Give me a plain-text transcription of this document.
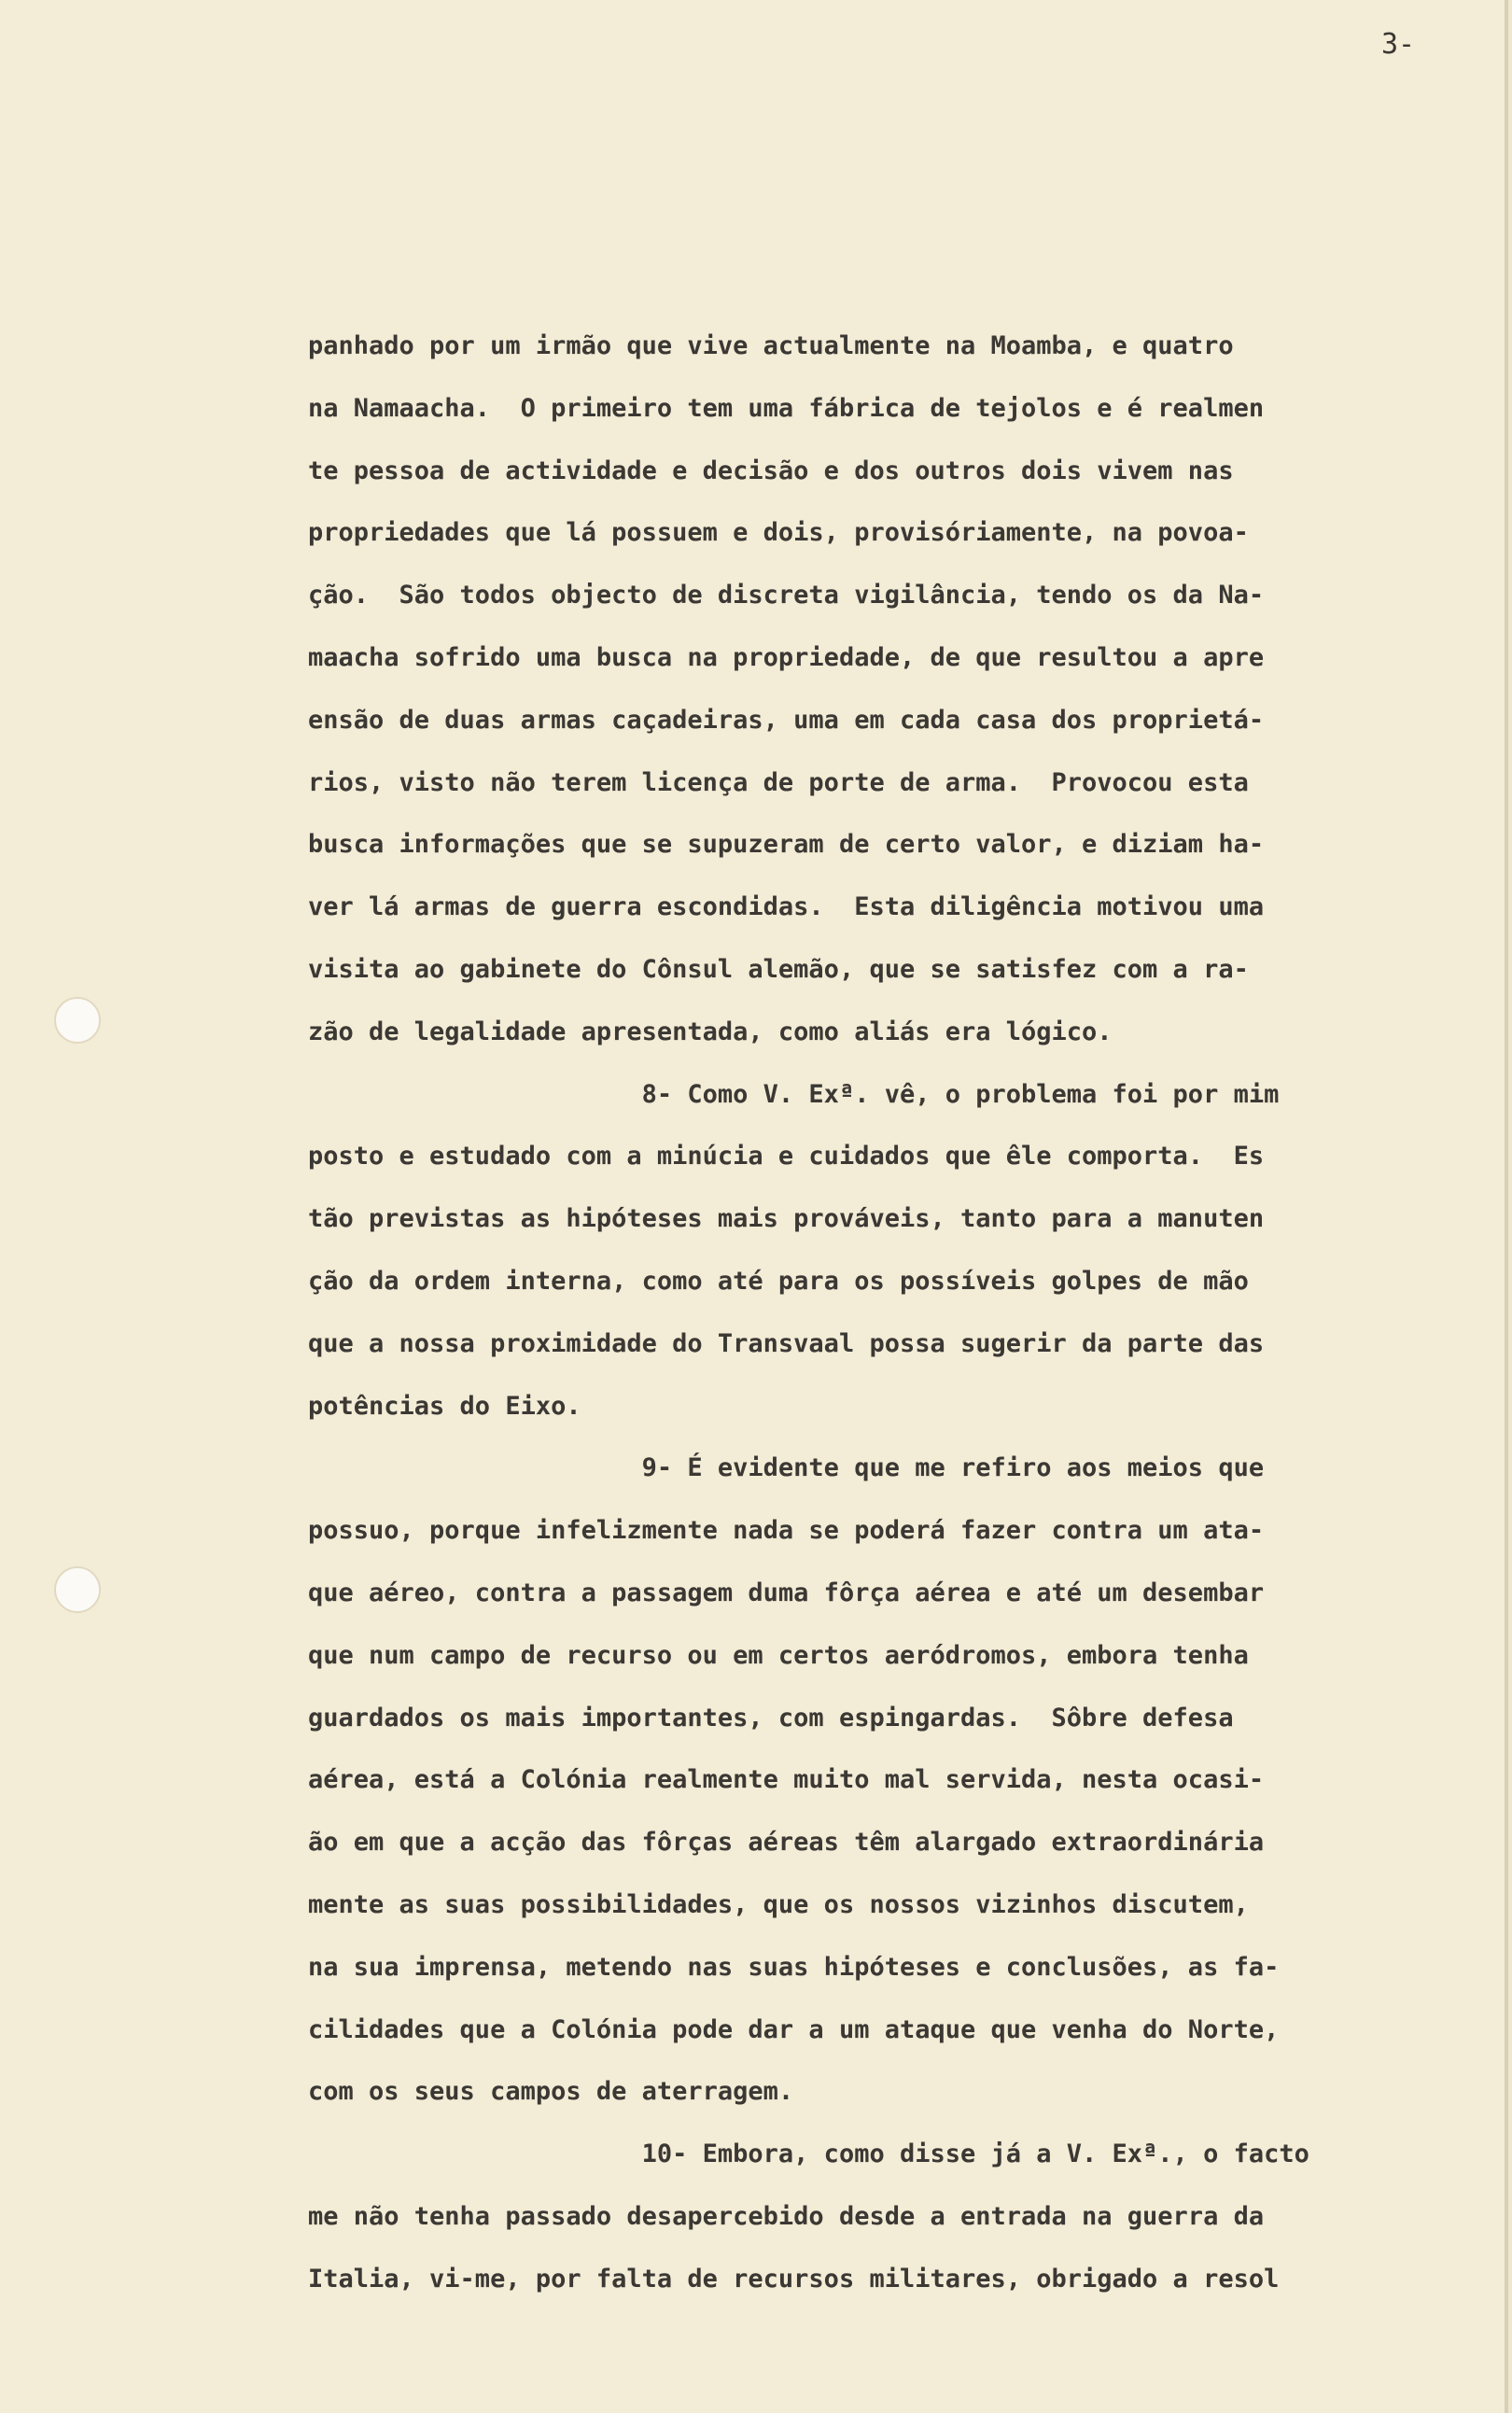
3-
panhado por um irmão que vive actualmente na Moamba, e quatro
na Namaacha.  O primeiro tem uma fábrica de tejolos e é realmen
te pessoa de actividade e decisão e dos outros dois vivem nas
propriedades que lá possuem e dois, provisóriamente, na povoa-
ção.  São todos objecto de discreta vigilância, tendo os da Na-
maacha sofrido uma busca na propriedade, de que resultou a apre
ensão de duas armas caçadeiras, uma em cada casa dos proprietá-
rios, visto não terem licença de porte de arma.  Provocou esta
busca informações que se supuzeram de certo valor, e diziam ha-
ver lá armas de guerra escondidas.  Esta diligência motivou uma
visita ao gabinete do Cônsul alemão, que se satisfez com a ra-
zão de legalidade apresentada, como aliás era lógico.
8- Como V. Exª. vê, o problema foi por mim
posto e estudado com a minúcia e cuidados que êle comporta.  Es
tão previstas as hipóteses mais prováveis, tanto para a manuten
ção da ordem interna, como até para os possíveis golpes de mão
que a nossa proximidade do Transvaal possa sugerir da parte das
potências do Eixo.
9- É evidente que me refiro aos meios que
possuo, porque infelizmente nada se poderá fazer contra um ata-
que aéreo, contra a passagem duma fôrça aérea e até um desembar
que num campo de recurso ou em certos aeródromos, embora tenha
guardados os mais importantes, com espingardas.  Sôbre defesa
aérea, está a Colónia realmente muito mal servida, nesta ocasi-
ão em que a acção das fôrças aéreas têm alargado extraordinária
mente as suas possibilidades, que os nossos vizinhos discutem,
na sua imprensa, metendo nas suas hipóteses e conclusões, as fa-
cilidades que a Colónia pode dar a um ataque que venha do Norte,
com os seus campos de aterragem.
10- Embora, como disse já a V. Exª., o facto
me não tenha passado desapercebido desde a entrada na guerra da
Italia, vi-me, por falta de recursos militares, obrigado a resol
